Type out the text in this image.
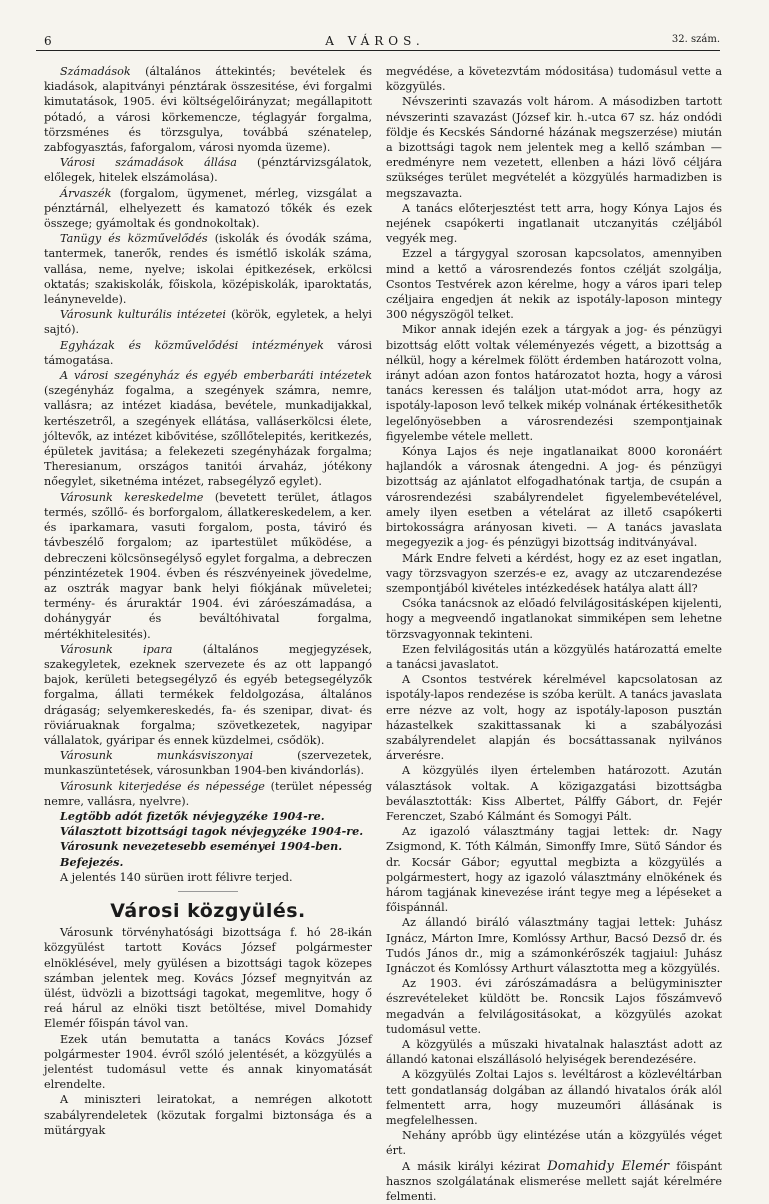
6	A VÁROS.	32. szám.

Számadások (általános áttekintés; bevételek és kiadások, alapitványi pénztárak összesitése, évi forgalmi kimutatások, 1905. évi költségelőirányzat; megállapitott pótadó, a városi körkemencze, téglagyár forgalma, törzsménes és törzsgulya, továbbá szénatelep, zabfogyasztás, faforgalom, városi nyomda üzeme).

Városi számadások állása (pénztárvizsgálatok, előlegek, hitelek elszámolása).

Árvaszék (forgalom, ügymenet, mérleg, vizsgálat a pénztárnál, elhelyezett és kamatozó tőkék és ezek összege; gyámoltak és gondnokoltak).

Tanügy és közművelődés (iskolák és óvodák száma, tantermek, tanerők, rendes és ismétlő iskolák száma, vallása, neme, nyelve; iskolai épitkezések, erkölcsi oktatás; szakiskolák, főiskola, középiskolák, iparoktatás, leánynevelde).

Városunk kulturális intézetei (körök, egyletek, a helyi sajtó).

Egyházak és közművelődési intézmények városi támogatása.

A városi szegényház és egyéb emberbaráti intézetek (szegényház fogalma, a szegények számra, nemre, vallásra; az intézet kiadása, bevétele, munkadijakkal, kertészetről, a szegények ellátása, valláserkölcsi élete, jóltevők, az intézet kibővitése, szőllőtelepités, keritkezés, épületek javitása; a felekezeti szegényházak forgalma; Theresianum, országos tanitói árvaház, jótékony nőegylet, siketnéma intézet, rabsegélyző egylet).

Városunk kereskedelme (bevetett terület, átlagos termés, szőllő- és borforgalom, állatkereskedelem, a ker. és iparkamara, vasuti forgalom, posta, táviró és távbeszélő forgalom; az ipartestület működése, a debreczeni kölcsönsegélyső egylet forgalma, a debreczen pénzintézetek 1904. évben és részvényeinek jövedelme, az osztrák magyar bank helyi fiókjának müveletei; termény- és áruraktár 1904. évi záróeszámadása, a dohánygyár és beváltóhivatal forgalma, mértékhitelesités).

Városunk ipara (általános megjegyzések, szakegyletek, ezeknek szervezete és az ott lappangó bajok, kerületi betegsegélyző és egyéb betegsegélyzők forgalma, állati termékek feldolgozása, általános drágaság; selyemkereskedés, fa- és szenipar, divat- és röviáruaknak forgalma; szövetkezetek, nagyipar vállalatok, gyáripar és ennek küzdelmei, csődök).

Városunk munkásviszonyai (szervezetek, munkaszüntetések, városunkban 1904-ben kivándorlás).

Városunk kiterjedése és népessége (terület népesség nemre, vallásra, nyelvre).

Legtöbb adót fizetők névjegyzéke 1904-re.

Választott bizottsági tagok névjegyzéke 1904-re.

Városunk nevezetesebb eseményei 1904-ben.

Befejezés.

A jelentés 140 sürüen irott félivre terjed.

Városi közgyülés.

Városunk törvényhatósági bizottsága f. hó 28-ikán közgyülést tartott Kovács József polgármester elnöklésével, mely gyülésen a bizottsági tagok közepes számban jelentek meg. Kovács József megnyitván az ülést, üdvözli a bizottsági tagokat, megemlitve, hogy ő reá hárul az elnöki tiszt betöltése, mivel Domahidy Elemér főispán távol van.

Ezek után bemutatta a tanács Kovács József polgármester 1904. évről szóló jelentését, a közgyülés a jelentést tudomásul vette és annak kinyomatását elrendelte.

A miniszteri leiratokat, a nemrégen alkotott szabályrendeletek (közutak forgalmi biztonsága és a mütárgyak

megvédése, a követezvtám módositása) tudomásul vette a közgyülés.

Névszerinti szavazás volt három. A másodizben tartott névszerinti szavazást (József kir. h.-utca 67 sz. ház ondódi földje és Kecskés Sándorné házának megszerzése) miután a bizottsági tagok nem jelentek meg a kellő számban — eredményre nem vezetett, ellenben a házi lövő céljára szükséges terület megvételét a közgyülés harmadizben is megszavazta.

A tanács előterjesztést tett arra, hogy Kónya Lajos és nejének csapókerti ingatlanait utczanyitás czéljából vegyék meg.

Ezzel a tárgygyal szorosan kapcsolatos, amennyiben mind a kettő a városrendezés fontos czélját szolgálja, Csontos Testvérek azon kérelme, hogy a város ipari telep czéljaira engedjen át nekik az ispotály-laposon mintegy 300 négyszögöl telket.

Mikor annak idején ezek a tárgyak a jog- és pénzügyi bizottság előtt voltak véleményezés végett, a bizottság a nélkül, hogy a kérelmek fölött érdemben határozott volna, irányt adóan azon fontos határozatot hozta, hogy a városi tanács keressen és találjon utat-módot arra, hogy az ispotály-laposon levő telkek mikép volnának értékesithetők legelőnyösebben a városrendezési szempontjainak figyelembe vétele mellett.

Kónya Lajos és neje ingatlanaikat 8000 koronáért hajlandók a városnak átengedni. A jog- és pénzügyi bizottság az ajánlatot elfogadhatónak tartja, de csupán a városrendezési szabályrendelet figyelembevételével, amely ilyen esetben a vételárat az illető csapókerti birtokosságra arányosan kiveti. — A tanács javaslata megegyezik a jog- és pénzügyi bizottság inditványával.

Márk Endre felveti a kérdést, hogy ez az eset ingatlan, vagy törzsvagyon szerzés-e ez, avagy az utczarendezése szempontjából kivételes intézkedések hatálya alatt áll?

Csóka tanácsnok az előadó felvilágositásképen kijelenti, hogy a megveendő ingatlanokat simmiképen sem lehetne törzsvagyonnak tekinteni.

Ezen felvilágositás után a közgyülés határozattá emelte a tanácsi javaslatot.

A Csontos testvérek kérelmével kapcsolatosan az ispotály-lapos rendezése is szóba került. A tanács javaslata erre nézve az volt, hogy az ispotály-laposon pusztán házastelkek szakittassanak ki a szabályozási szabályrendelet alapján és bocsáttassanak nyilvános árverésre.

A közgyülés ilyen értelemben határozott. Azután választások voltak. A közigazgatási bizottságba beválasztották: Kiss Albertet, Pálffy Gábort, dr. Fejér Ferenczet, Szabó Kálmánt és Somogyi Pált.

Az igazoló választmány tagjai lettek: dr. Nagy Zsigmond, K. Tóth Kálmán, Simonffy Imre, Sütő Sándor és dr. Kocsár Gábor; egyuttal megbizta a közgyülés a polgármestert, hogy az igazoló választmány elnökének és három tagjának kinevezése iránt tegye meg a lépéseket a főispánnál.

Az állandó biráló választmány tagjai lettek: Juhász Ignácz, Márton Imre, Komlóssy Arthur, Bacsó Dezső dr. és Tudós János dr., mig a számonkérőszék tagjaiul: Juhász Ignáczot és Komlóssy Arthurt választotta meg a közgyülés.

Az 1903. évi zárószámadásra a belügyminiszter észrevételeket küldött be. Roncsik Lajos főszámvevő megadván a felvilágositásokat, a közgyülés azokat tudomásul vette.

A közgyülés a műszaki hivatalnak halasztást adott az állandó katonai elszállásoló helyiségek berendezésére.

A közgyülés Zoltai Lajos s. levéltárost a közlevéltárban tett gondatlanság dolgában az állandó hivatalos órák alól felmentett arra, hogy muzeumőri állásának is megfelelhessen.

Nehány apróbb ügy elintézése után a közgyülés véget ért.

A másik királyi kézirat Domahidy Elemér főispánt hasznos szolgálatának elismerése mellett saját kérelmére felmenti.
